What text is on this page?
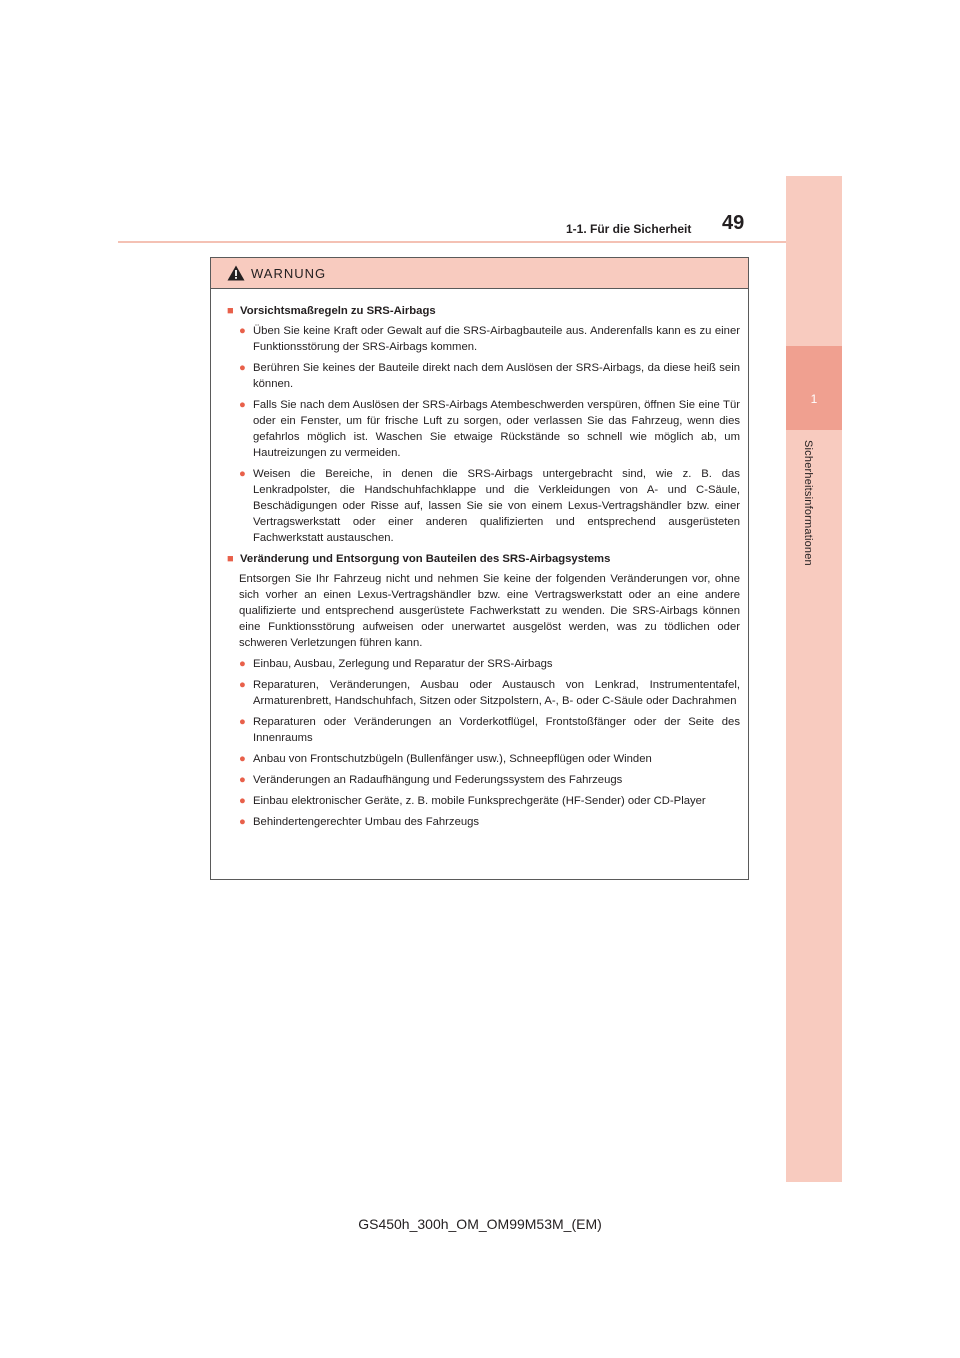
1
Sicherheitsinformationen
1-1. Für die Sicherheit 49
WARNUNG
■ Vorsichtsmaßregeln zu SRS-Airbags
● Üben Sie keine Kraft oder Gewalt auf die SRS-Airbagbauteile aus. Anderenfalls kann es zu einer Funktionsstörung der SRS-Airbags kommen.
● Berühren Sie keines der Bauteile direkt nach dem Auslösen der SRS-Airbags, da diese heiß sein können.
● Falls Sie nach dem Auslösen der SRS-Airbags Atembeschwerden verspüren, öffnen Sie eine Tür oder ein Fenster, um für frische Luft zu sorgen, oder verlassen Sie das Fahrzeug, wenn dies gefahrlos möglich ist. Waschen Sie etwaige Rückstände so schnell wie möglich ab, um Hautreizungen zu vermeiden.
● Weisen die Bereiche, in denen die SRS-Airbags untergebracht sind, wie z. B. das Lenkradpolster, die Handschuhfachklappe und die Verkleidungen von A- und C-Säule, Beschädigungen oder Risse auf, lassen Sie sie von einem Lexus-Vertragshändler bzw. einer Vertragswerkstatt oder einer anderen qualifizierten und entsprechend ausgerüsteten Fachwerkstatt austauschen.
■ Veränderung und Entsorgung von Bauteilen des SRS-Airbagsystems
Entsorgen Sie Ihr Fahrzeug nicht und nehmen Sie keine der folgenden Veränderungen vor, ohne sich vorher an einen Lexus-Vertragshändler bzw. eine Vertragswerkstatt oder an eine andere qualifizierte und entsprechend ausgerüstete Fachwerkstatt zu wenden. Die SRS-Airbags können eine Funktionsstörung aufweisen oder unerwartet ausgelöst werden, was zu tödlichen oder schweren Verletzungen führen kann.
● Einbau, Ausbau, Zerlegung und Reparatur der SRS-Airbags
● Reparaturen, Veränderungen, Ausbau oder Austausch von Lenkrad, Instrumententafel, Armaturenbrett, Handschuhfach, Sitzen oder Sitzpolstern, A-, B- oder C-Säule oder Dachrahmen
● Reparaturen oder Veränderungen an Vorderkotflügel, Frontstoßfänger oder der Seite des Innenraums
● Anbau von Frontschutzbügeln (Bullenfänger usw.), Schneepflügen oder Winden
● Veränderungen an Radaufhängung und Federungssystem des Fahrzeugs
● Einbau elektronischer Geräte, z. B. mobile Funksprechgeräte (HF-Sender) oder CD-Player
● Behindertengerechter Umbau des Fahrzeugs
GS450h_300h_OM_OM99M53M_(EM)
